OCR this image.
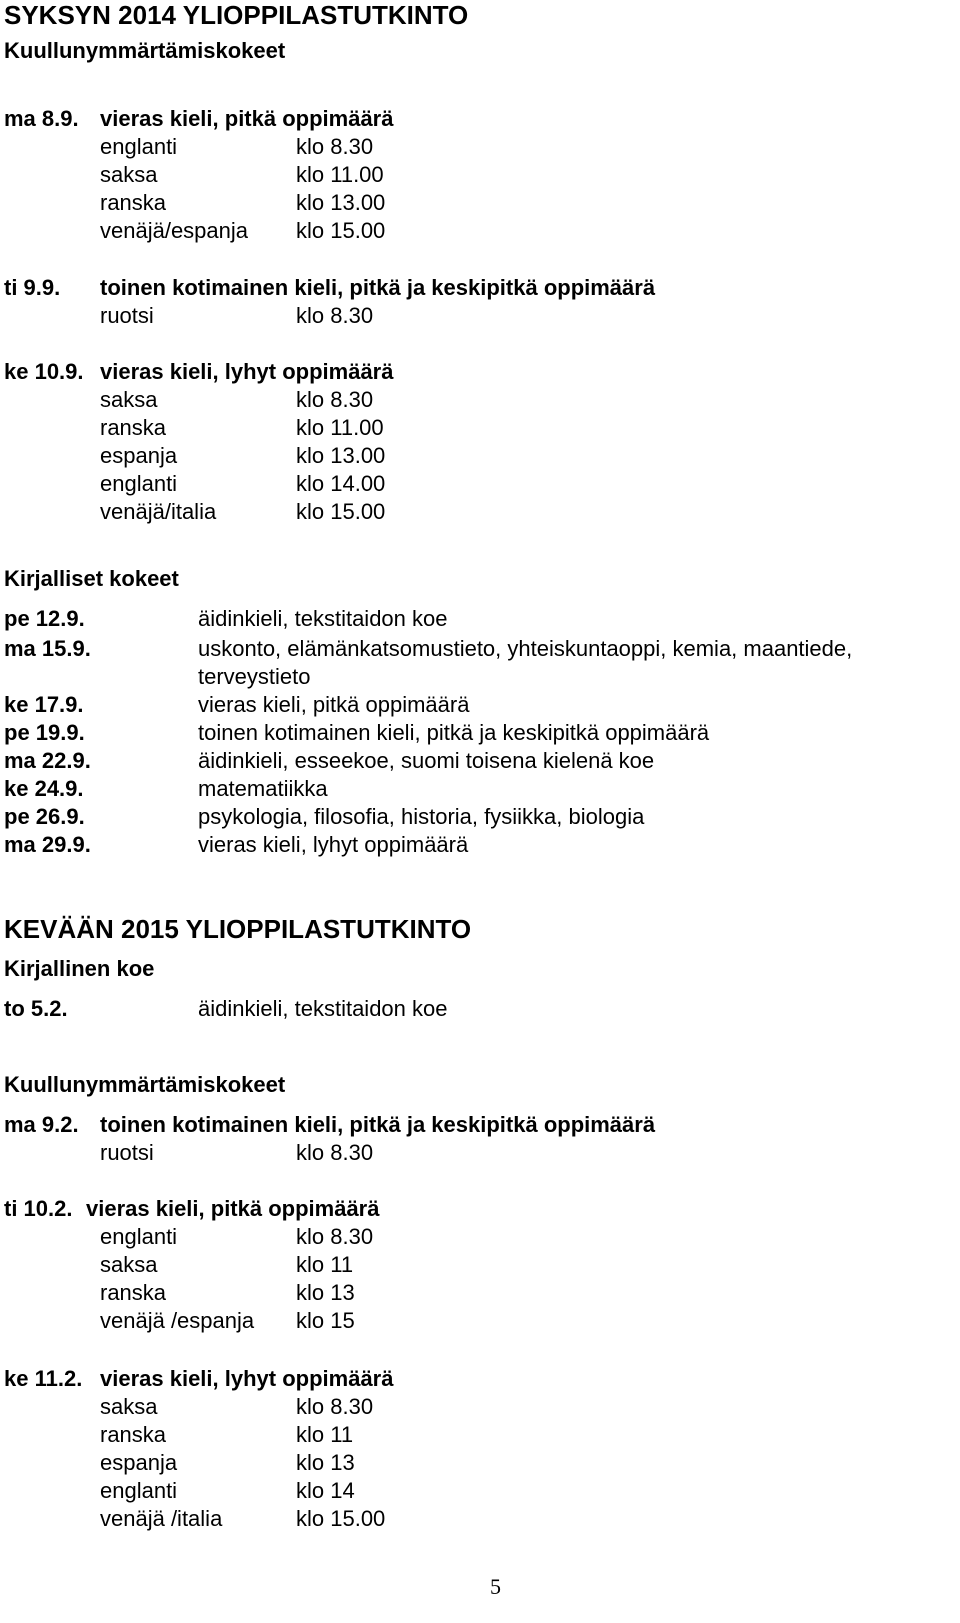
SYKSYN 2014 YLIOPPILASTUTKINTO
Kuullunymmärtämiskokeet
ma 8.9. vieras kieli, pitkä oppimäärä
englanti	klo 8.30
saksa	klo 11.00
ranska	klo 13.00
venäjä/espanja klo 15.00
ti 9.9. toinen kotimainen kieli, pitkä ja keskipitkä oppimäärä
ruotsi	klo 8.30
ke 10.9. vieras kieli, lyhyt oppimäärä
saksa	klo 8.30
ranska	klo 11.00
espanja	klo 13.00
englanti	klo 14.00
venäjä/italia	klo 15.00
Kirjalliset kokeet
pe 12.9.	äidinkieli, tekstitaidon koe
ma 15.9.	uskonto, elämänkatsomustieto, yhteiskuntaoppi, kemia, maantiede,
terveystieto
ke 17.9.	vieras kieli, pitkä oppimäärä
pe 19.9.	toinen kotimainen kieli, pitkä ja keskipitkä oppimäärä
ma 22.9.	äidinkieli, esseekoe, suomi toisena kielenä koe
ke 24.9.	matematiikka
pe 26.9.	psykologia, filosofia, historia, fysiikka, biologia
ma 29.9.	vieras kieli, lyhyt oppimäärä
KEVÄÄN 2015 YLIOPPILASTUTKINTO
Kirjallinen koe
to 5.2.	äidinkieli, tekstitaidon koe
Kuullunymmärtämiskokeet
ma 9.2. toinen kotimainen kieli, pitkä ja keskipitkä oppimäärä
ruotsi	klo 8.30
ti 10.2. vieras kieli, pitkä oppimäärä
englanti	klo 8.30
saksa	klo 11
ranska	klo 13
venäjä /espanja klo 15
ke 11.2. vieras kieli, lyhyt oppimäärä
saksa	klo 8.30
ranska	klo 11
espanja	klo 13
englanti	klo 14
venäjä /italia	klo 15.00
5
